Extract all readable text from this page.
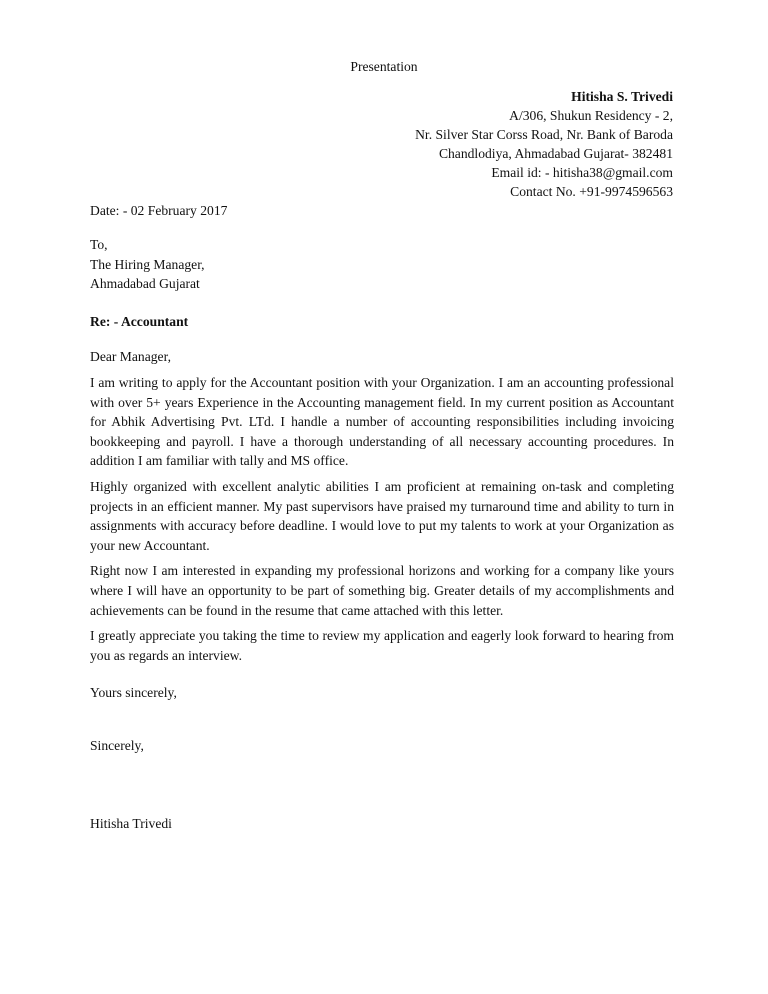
Presentation
Hitisha S. Trivedi
A/306, Shukun Residency - 2,
Nr. Silver Star Corss Road, Nr. Bank of Baroda
Chandlodiya, Ahmadabad Gujarat- 382481
Email id: - hitisha38@gmail.com
Contact No. +91-9974596563
Date: - 02 February 2017
To,
The Hiring Manager,
Ahmadabad Gujarat
Re: - Accountant
Dear Manager,

I am writing to apply for the Accountant position with your Organization. I am an accounting professional with over 5+ years Experience in the Accounting management field. In my current position as Accountant for Abhik Advertising Pvt. LTd. I handle a number of accounting responsibilities including invoicing bookkeeping and payroll. I have a thorough understanding of all necessary accounting procedures. In addition I am familiar with tally and MS office.

Highly organized with excellent analytic abilities I am proficient at remaining on-task and completing projects in an efficient manner. My past supervisors have praised my turnaround time and ability to turn in assignments with accuracy before deadline. I would love to put my talents to work at your Organization as your new Accountant.

Right now I am interested in expanding my professional horizons and working for a company like yours where I will have an opportunity to be part of something big. Greater details of my accomplishments and achievements can be found in the resume that came attached with this letter.

I greatly appreciate you taking the time to review my application and eagerly look forward to hearing from you as regards an interview.

Yours sincerely,
Sincerely,
Hitisha Trivedi
